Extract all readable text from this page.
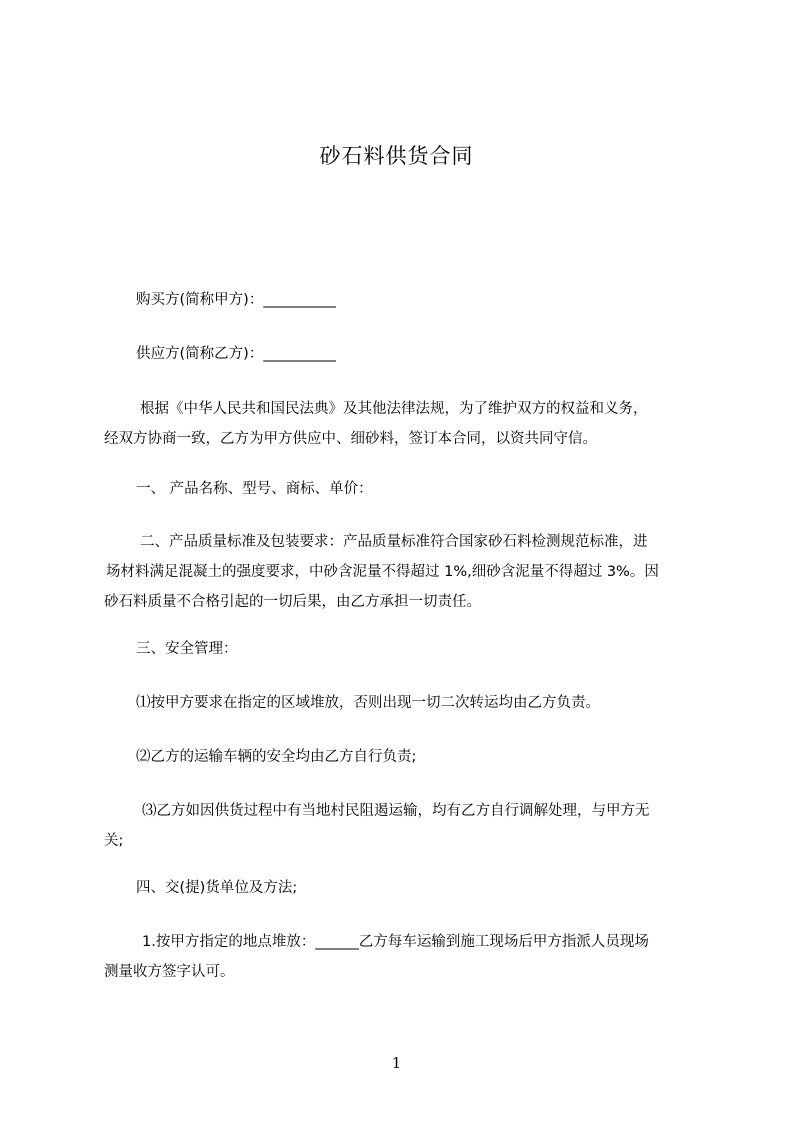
砂石料供货合同
购买方(简称甲方)：__________
供应方(简称乙方)：__________
根据《中华人民共和国民法典》及其他法律法规，为了维护双方的权益和义务，
经双方协商一致，乙方为甲方供应中、细砂料，签订本合同，以资共同守信。
一、 产品名称、型号、商标、单价：
二、产品质量标准及包装要求：产品质量标准符合国家砂石料检测规范标准，进
场材料满足混凝土的强度要求，中砂含泥量不得超过 1%,细砂含泥量不得超过 3%。因
砂石料质量不合格引起的一切后果，由乙方承担一切责任。
三、安全管理：
⑴按甲方要求在指定的区域堆放，否则出现一切二次转运均由乙方负责。
⑵乙方的运输车辆的安全均由乙方自行负责;
⑶乙方如因供货过程中有当地村民阻遏运输，均有乙方自行调解处理，与甲方无
关;
四、交(提)货单位及方法;
1.按甲方指定的地点堆放：______乙方每车运输到施工现场后甲方指派人员现场
测量收方签字认可。
1
